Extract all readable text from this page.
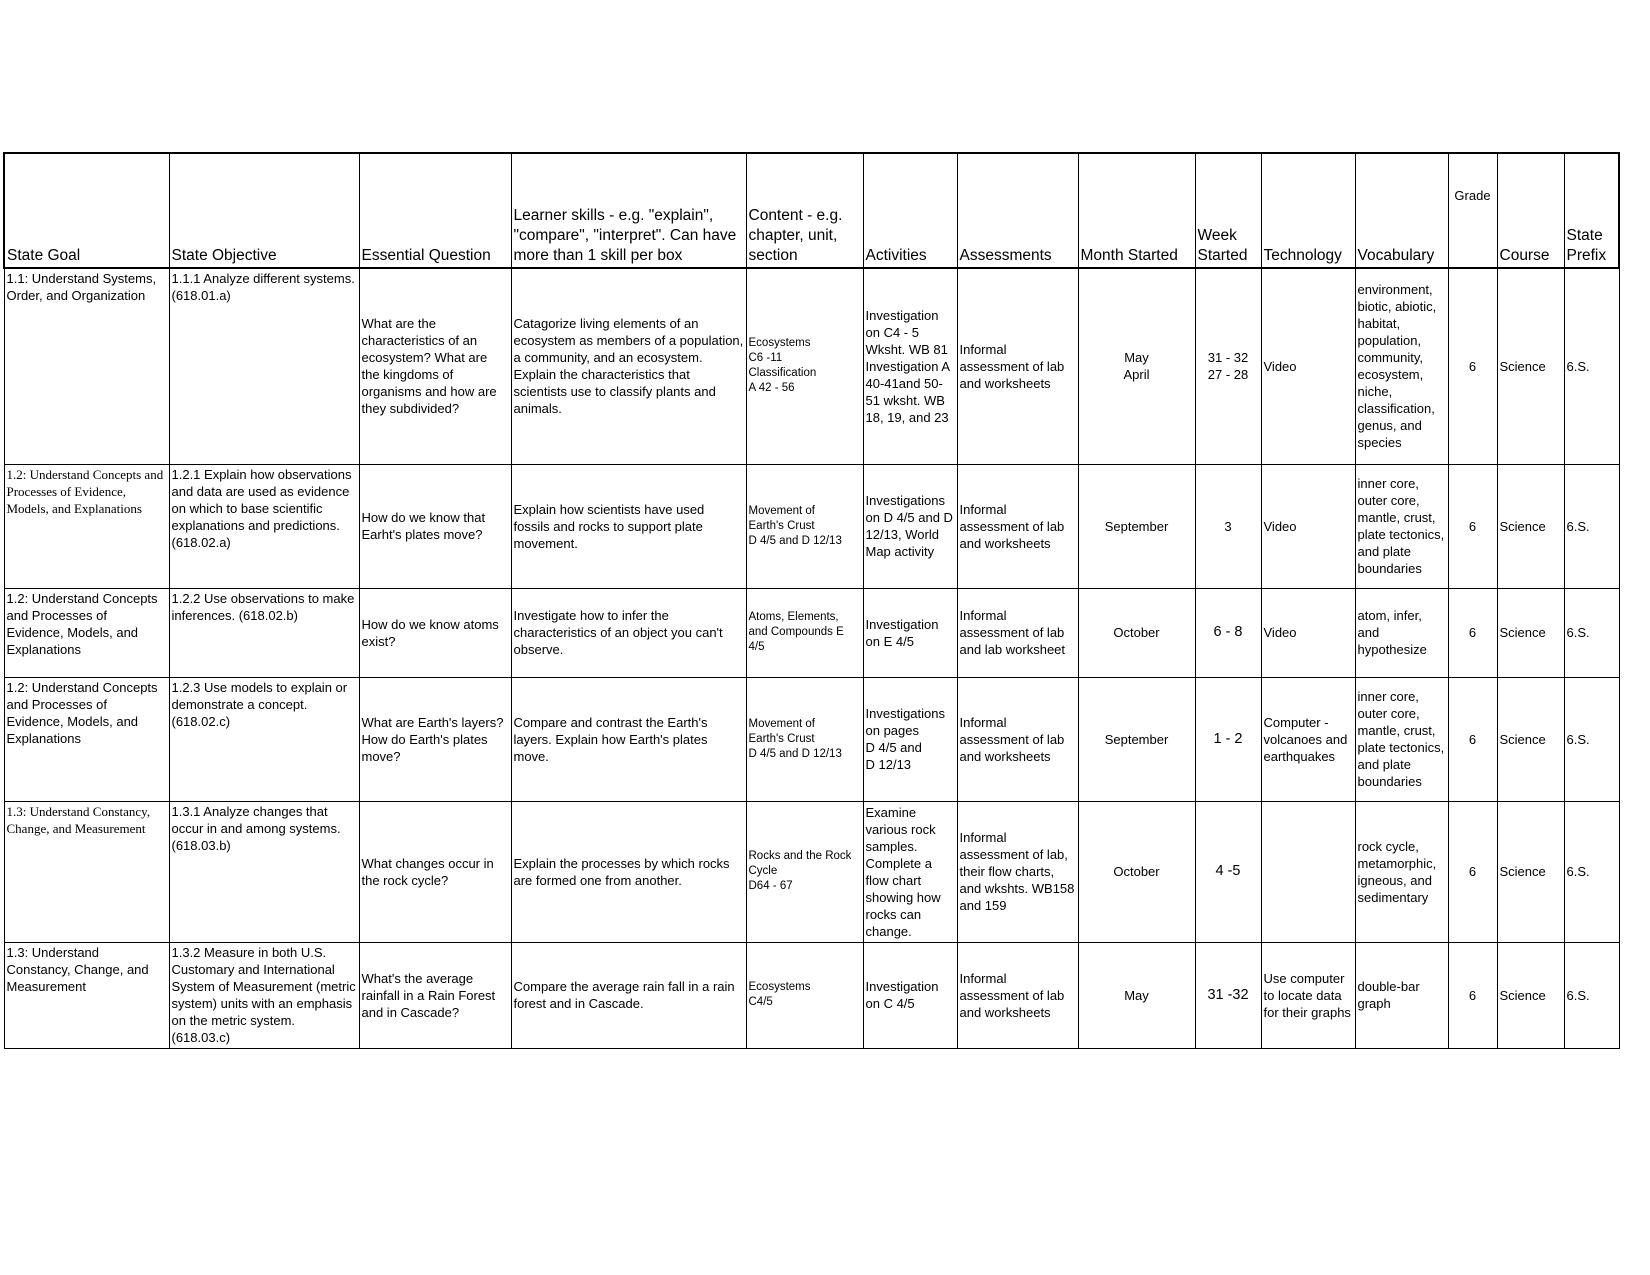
State Goal	State Objective	Essential Question	Learner skills - e.g. "explain", "compare", "interpret". Can have more than 1 skill per box	Content - e.g. chapter, unit, section	Activities	Assessments	Month Started	Week Started	Technology	Vocabulary	Grade	Course	State Prefix
1.1: Understand Systems, Order, and Organization	1.1.1 Analyze different systems. (618.01.a)	What are the characteristics of an ecosystem? What are the kingdoms of organisms and how are they subdivided?	Catagorize living elements of an ecosystem as members of a population, a community, and an ecosystem. Explain the characteristics that scientists use to classify plants and animals.	Ecosystems
C6 -11
Classification
A 42 - 56	Investigation on C4 - 5 Wksht. WB 81 Investigation A 40-41and 50-51 wksht. WB 18, 19, and 23	Informal assessment of lab and worksheets	May
April	31 - 32
27 - 28	Video	environment, biotic, abiotic, habitat, population, community, ecosystem, niche, classification, genus, and species	6	Science	6.S.
1.2: Understand Concepts and Processes of Evidence, Models, and Explanations	1.2.1 Explain how observations and data are used as evidence on which to base scientific explanations and predictions. (618.02.a)	How do we know that Earht's plates move?	Explain how scientists have used fossils and rocks to support plate movement.	Movement of
Earth's Crust
D 4/5 and D 12/13	Investigations on D 4/5 and D 12/13, World Map activity	Informal assessment of lab and worksheets	September	3	Video	inner core, outer core, mantle, crust, plate tectonics, and plate boundaries	6	Science	6.S.
1.2: Understand Concepts and Processes of Evidence, Models, and Explanations	1.2.2 Use observations to make inferences. (618.02.b)	How do we know atoms exist?	Investigate how to infer the characteristics of an object you can't observe.	Atoms, Elements, and Compounds E 4/5	Investigation on E 4/5	Informal assessment of lab and lab worksheet	October	6 - 8	Video	atom, infer, and hypothesize	6	Science	6.S.
1.2: Understand Concepts and Processes of Evidence, Models, and Explanations	1.2.3 Use models to explain or demonstrate a concept. (618.02.c)	What are Earth's layers? How do Earth's plates move?	Compare and contrast the Earth's layers. Explain how Earth's plates move.	Movement of
Earth's Crust
D 4/5 and D 12/13	Investigations on pages
D 4/5 and
D 12/13	Informal assessment of lab and worksheets	September	1 - 2	Computer - volcanoes and earthquakes	inner core, outer core, mantle, crust, plate tectonics, and plate boundaries	6	Science	6.S.
1.3: Understand Constancy, Change, and Measurement	1.3.1 Analyze changes that occur in and among systems. (618.03.b)	What changes occur in the rock cycle?	Explain the processes by which rocks are formed one from another.	Rocks and the Rock Cycle
D64 - 67	Examine various rock samples. Complete a flow chart showing how rocks can change.	Informal assessment of lab, their flow charts, and wkshts. WB158 and 159	October	4 -5		rock cycle, metamorphic, igneous, and sedimentary	6	Science	6.S.
1.3: Understand Constancy, Change, and Measurement	1.3.2 Measure in both U.S. Customary and International System of Measurement (metric system) units with an emphasis on the metric system. (618.03.c)	What's the average rainfall in a Rain Forest and in Cascade?	Compare the average rain fall in a rain forest and in Cascade.	Ecosystems
C4/5	Investigation on C 4/5	Informal assessment of lab and worksheets	May	31 -32	Use computer to locate data for their graphs	double-bar graph	6	Science	6.S.
